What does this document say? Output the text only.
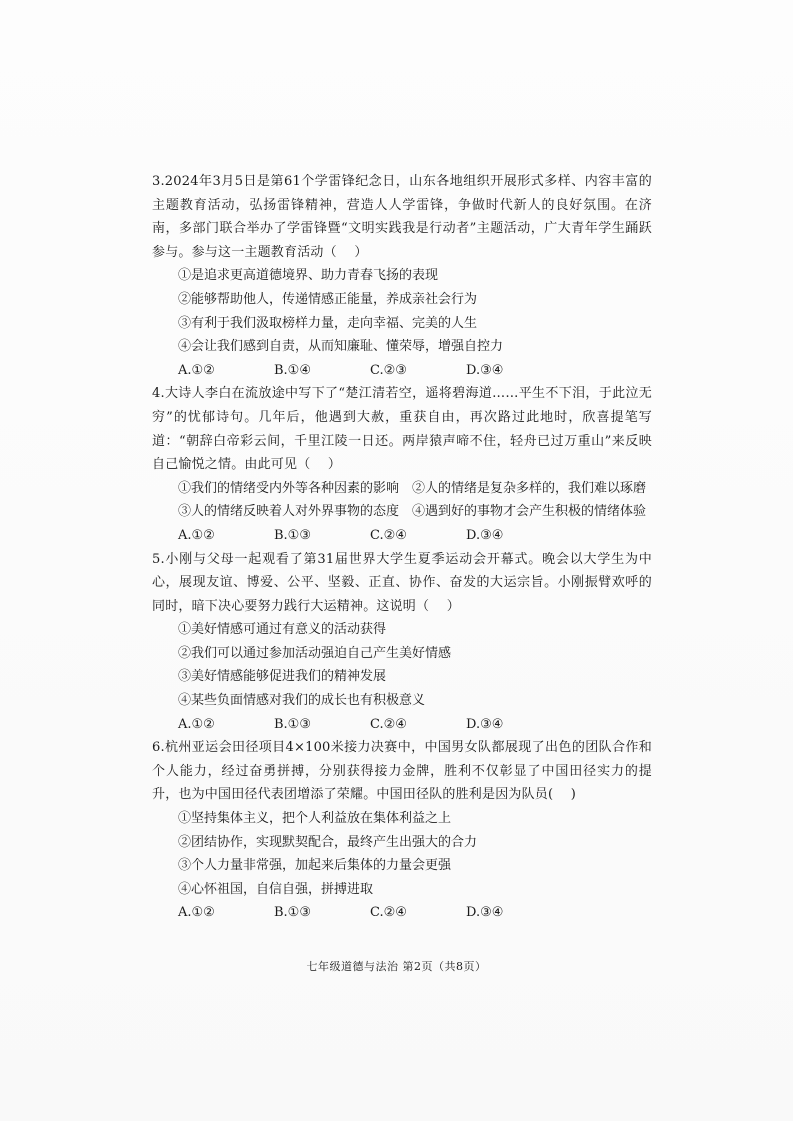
3.2024年3月5日是第61个学雷锋纪念日，山东各地组织开展形式多样、内容丰富的主题教育活动，弘扬雷锋精神，营造人人学雷锋，争做时代新人的良好氛围。在济南，多部门联合举办了学雷锋暨“文明实践我是行动者”主题活动，广大青年学生踊跃参与。参与这一主题教育活动（　 ）

①是追求更高道德境界、助力青春飞扬的表现

②能够帮助他人，传递情感正能量，养成亲社会行为

③有利于我们汲取榜样力量，走向幸福、完美的人生

④会让我们感到自责，从而知廉耻、懂荣辱，增强自控力

A.①②	B.①④	C.②③	D.③④

4.大诗人李白在流放途中写下了“楚江清若空，遥将碧海道……平生不下泪，于此泣无穷”的忧郁诗句。几年后，他遇到大赦，重获自由，再次路过此地时，欣喜提笔写道：“朝辞白帝彩云间，千里江陵一日还。两岸猿声啼不住，轻舟已过万重山”来反映自己愉悦之情。由此可见（　 ）

①我们的情绪受内外等各种因素的影响　②人的情绪是复杂多样的，我们难以琢磨

③人的情绪反映着人对外界事物的态度　④遇到好的事物才会产生积极的情绪体验

A.①②	B.①③	C.②④	D.③④

5.小刚与父母一起观看了第31届世界大学生夏季运动会开幕式。晚会以大学生为中心，展现友谊、博爱、公平、坚毅、正直、协作、奋发的大运宗旨。小刚振臂欢呼的同时，暗下决心要努力践行大运精神。这说明（　 ）

①美好情感可通过有意义的活动获得

②我们可以通过参加活动强迫自己产生美好情感

③美好情感能够促进我们的精神发展

④某些负面情感对我们的成长也有积极意义

A.①②	B.①③	C.②④	D.③④

6.杭州亚运会田径项目4×100米接力决赛中，中国男女队都展现了出色的团队合作和个人能力，经过奋勇拼搏，分别获得接力金牌，胜利不仅彰显了中国田径实力的提升，也为中国田径代表团增添了荣耀。中国田径队的胜利是因为队员(　 )

①坚持集体主义，把个人利益放在集体利益之上

②团结协作，实现默契配合，最终产生出强大的合力

③个人力量非常强，加起来后集体的力量会更强

④心怀祖国，自信自强，拼搏进取

A.①②	B.①③	C.②④	D.③④
七年级道德与法治 第2页（共8页）
